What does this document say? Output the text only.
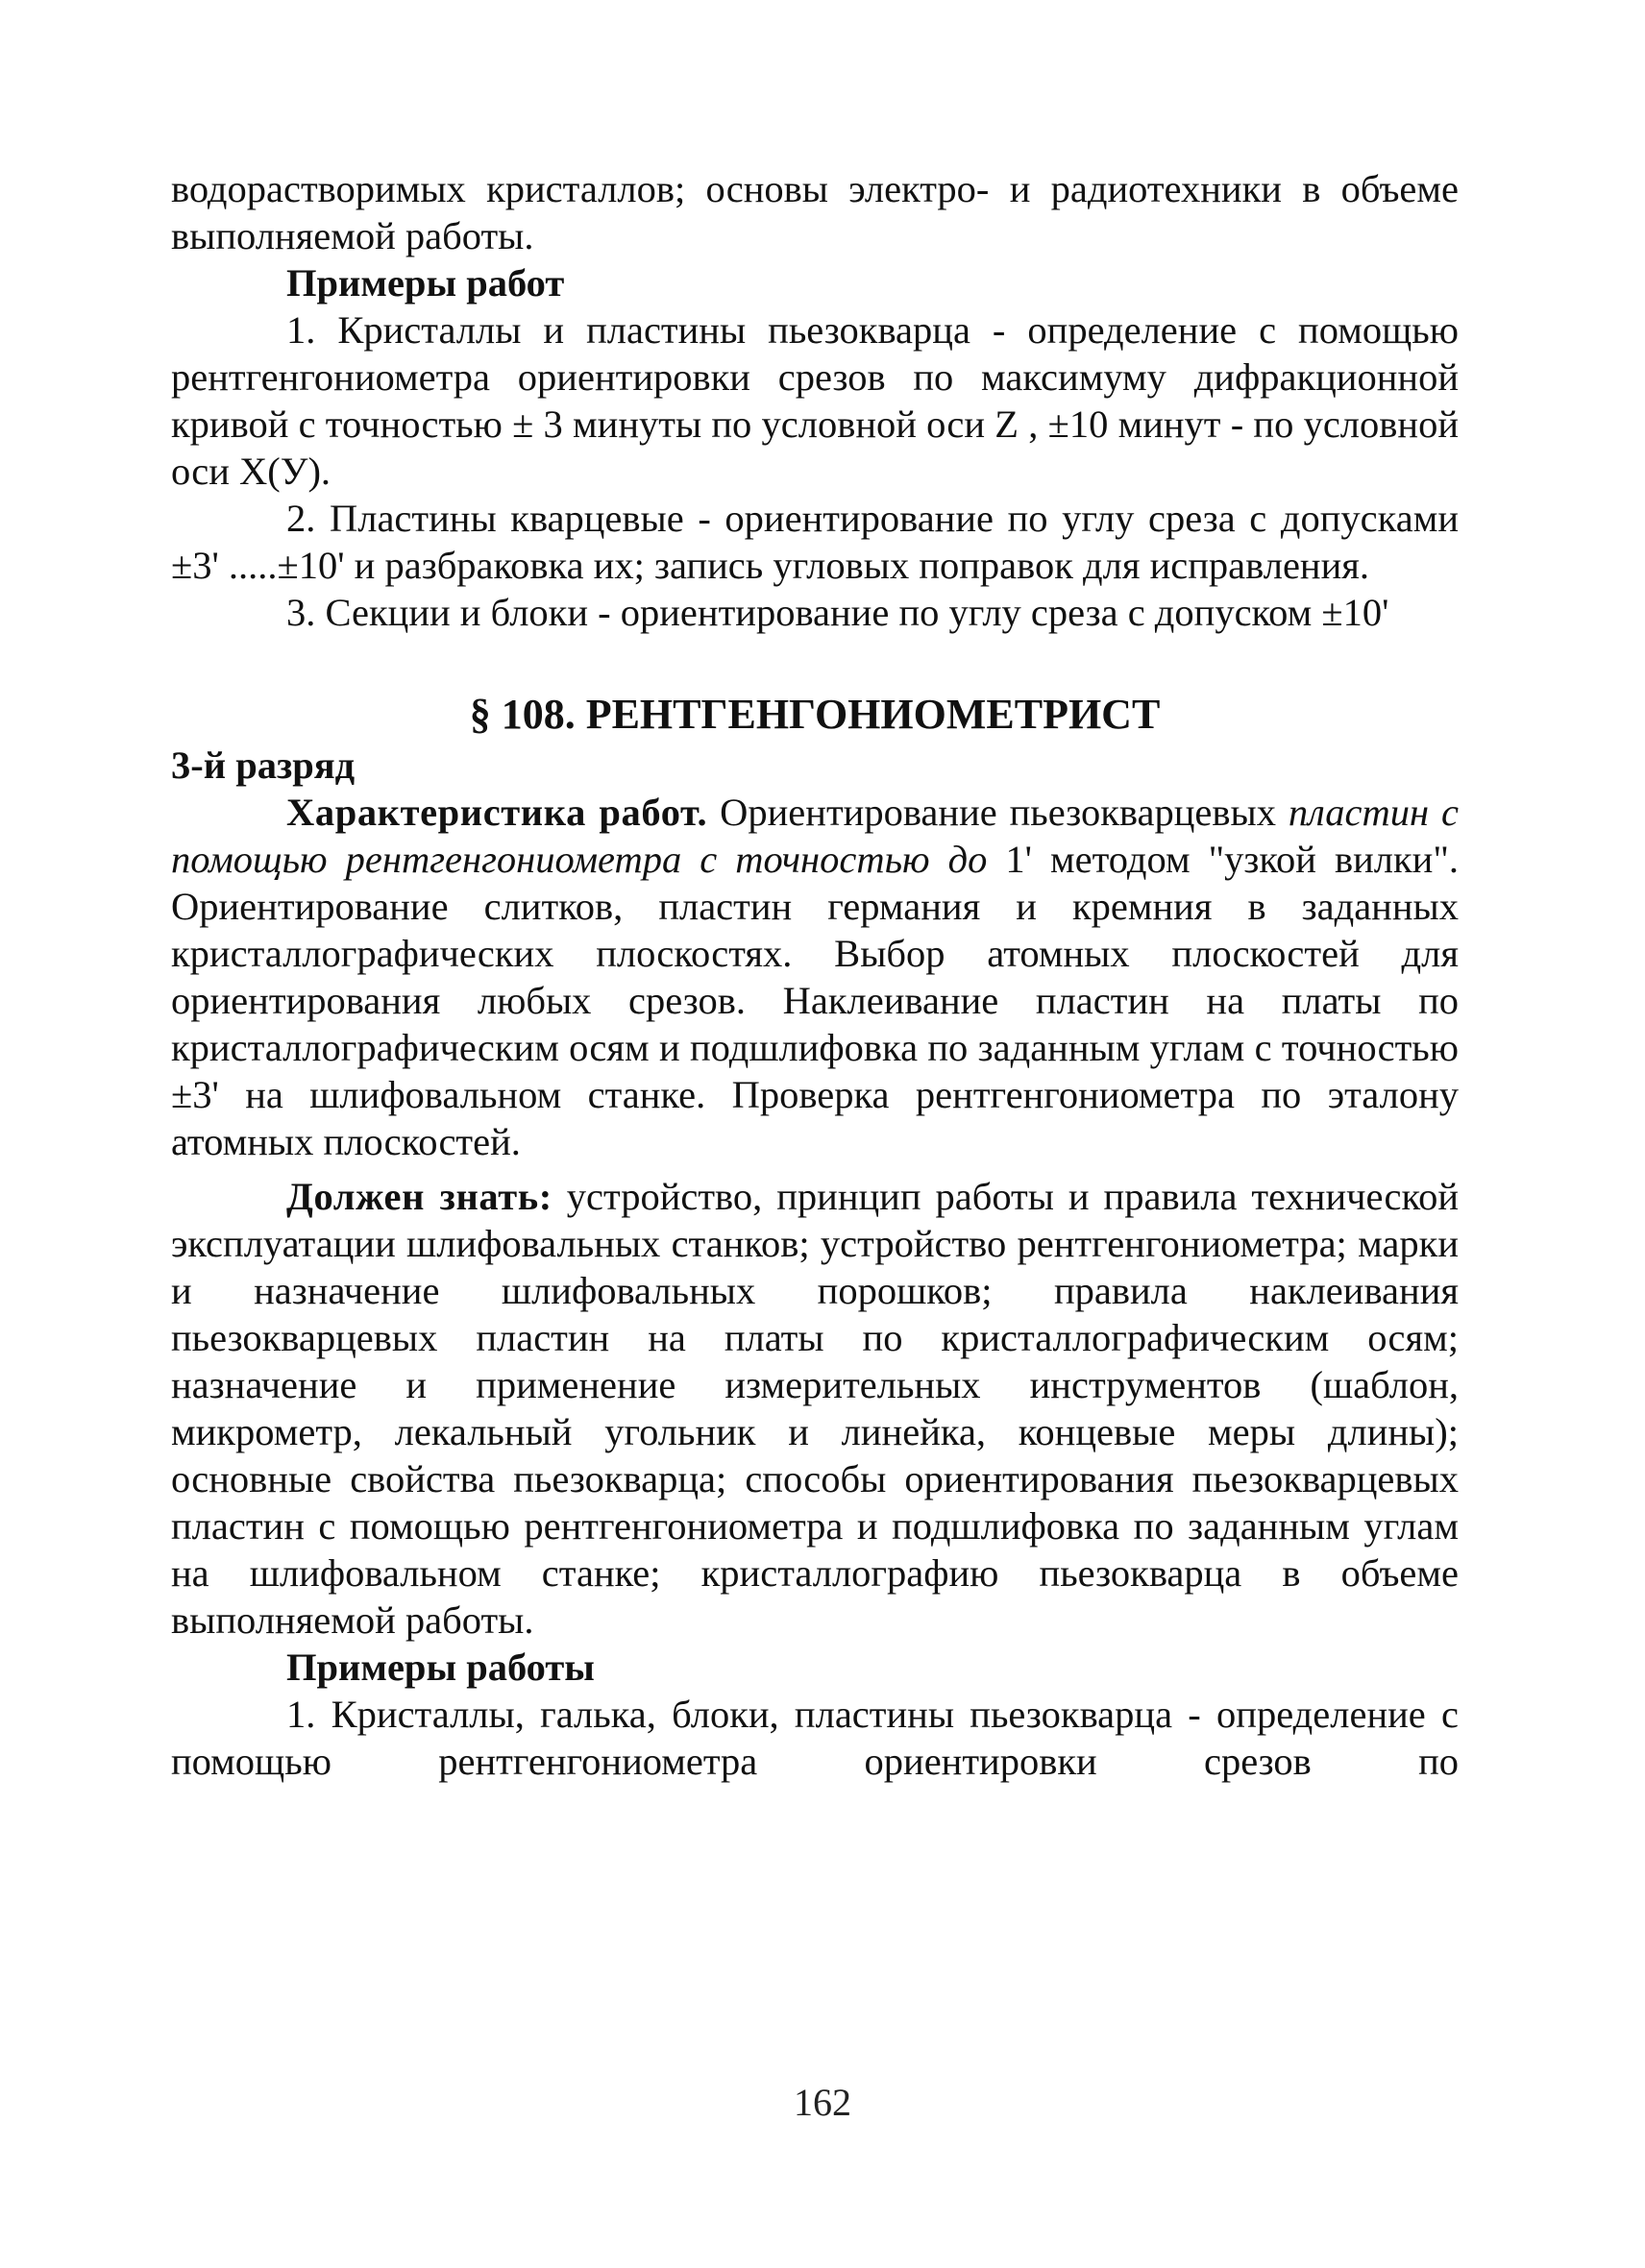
водорастворимых кристаллов; основы электро- и радиотехники в объеме выполняемой работы.

Примеры работ

1. Кристаллы и пластины пьезокварца - определение с помощью рентгенгониометра ориентировки срезов по максимуму дифракционной кривой с точностью ± 3 минуты по условной оси Z , ±10 минут - по условной оси X(У).

2. Пластины кварцевые - ориентирование по углу среза с допусками ±3' .....±10' и разбраковка их; запись угловых поправок для исправления.

3. Секции и блоки - ориентирование по углу среза с допуском ±10'

§ 108. РЕНТГЕНГОНИОМЕТРИСТ

3-й разряд

Характеристика работ. Ориентирование пьезокварцевых пластин с помощью рентгенгониометра с точностью до 1' методом "узкой вилки". Ориентирование слитков, пластин германия и кремния в заданных кристаллографических плоскостях. Выбор атомных плоскостей для ориентирования любых срезов. Наклеивание пластин на платы по кристаллографическим осям и подшлифовка по заданным углам с точностью ±3' на шлифовальном станке. Проверка рентгенгониометра по эталону атомных плоскостей.

Должен знать: устройство, принцип работы и правила технической эксплуатации шлифовальных станков; устройство рентгенгониометра; марки и назначение шлифовальных порошков; правила наклеивания пьезокварцевых пластин на платы по кристаллографическим осям; назначение и применение измерительных инструментов (шаблон, микрометр, лекальный угольник и линейка, концевые меры длины); основные свойства пьезокварца; способы ориентирования пьезокварцевых пластин с помощью рентгенгониометра и подшлифовка по заданным углам на шлифовальном станке; кристаллографию пьезокварца в объеме выполняемой работы.

Примеры работы

1. Кристаллы, галька, блоки, пластины пьезокварца - определение с помощью рентгенгониометра ориентировки срезов по

162
